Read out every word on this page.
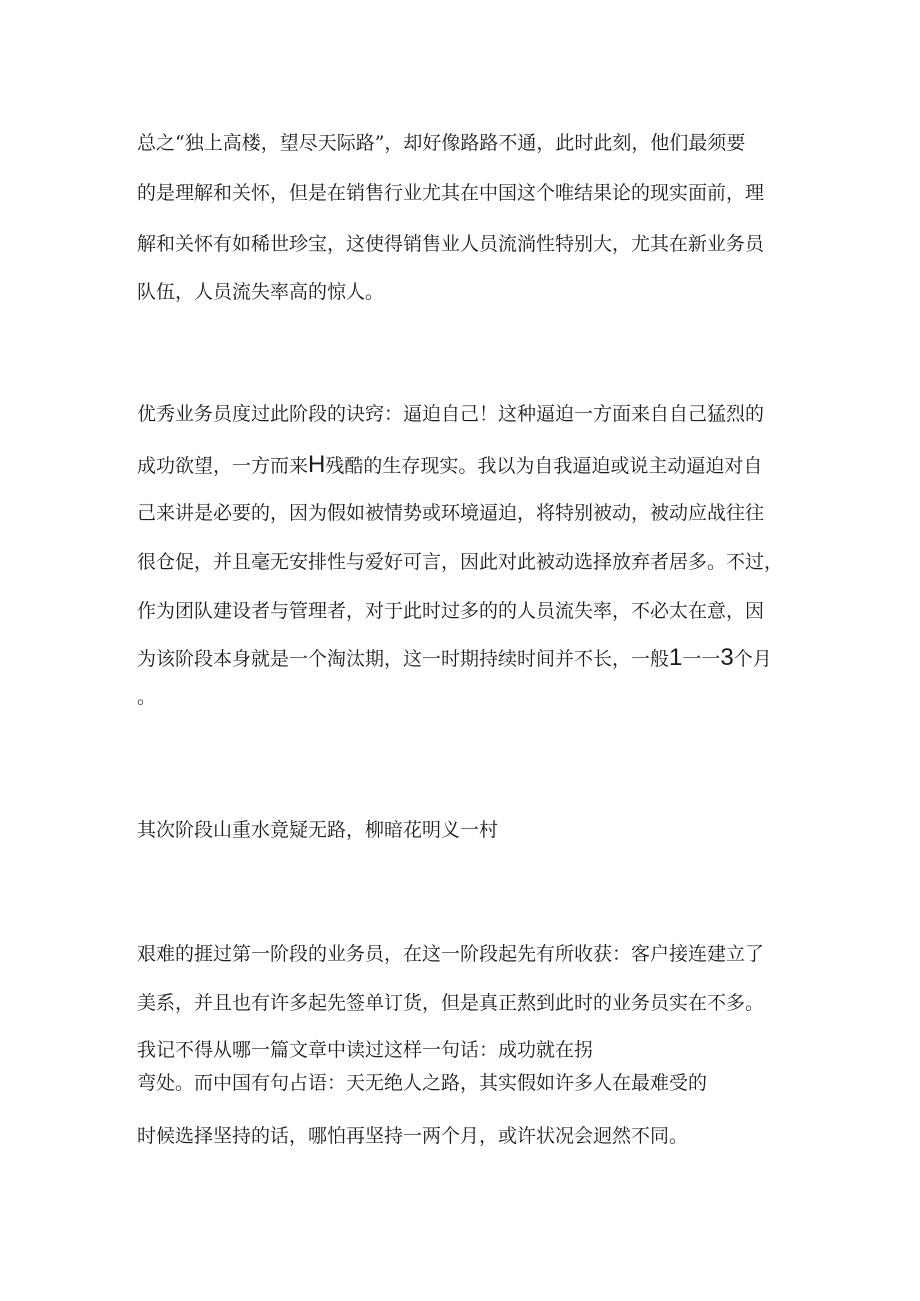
总之“独上高楼，望尽天际路”，却好像路路不通，此时此刻，他们最须要
的是理解和关怀，但是在销售行业尤其在中国这个唯结果论的现实面前，理
解和关怀有如稀世珍宝，这使得销售业人员流淌性特别大，尤其在新业务员
队伍，人员流失率高的惊人。
优秀业务员度过此阶段的诀窍：逼迫自己！这种逼迫一方面来自自己猛烈的
成功欲望，一方而来H残酷的生存现实。我以为自我逼迫或说主动逼迫对自
己来讲是必要的，因为假如被情势或环境逼迫，将特别被动，被动应战往往
很仓促，并且毫无安排性与爱好可言，因此对此被动选择放弃者居多。不过，
作为团队建设者与管理者，对于此时过多的的人员流失率，不必太在意，因
为该阶段本身就是一个淘汰期，这一时期持续时间并不长，一般1一一3个月
。
其次阶段山重水竟疑无路，柳暗花明义一村
艰难的捱过第一阶段的业务员，在这一阶段起先有所收获：客户接连建立了
美系，并且也有许多起先签单订货，但是真正熬到此时的业务员实在不多。
我记不得从哪一篇文章中读过这样一句话：成功就在拐
弯处。而中国有句占语：天无绝人之路，其实假如许多人在最难受的
时候选择坚持的话，哪怕再坚持一两个月，或许状况会迥然不同。
